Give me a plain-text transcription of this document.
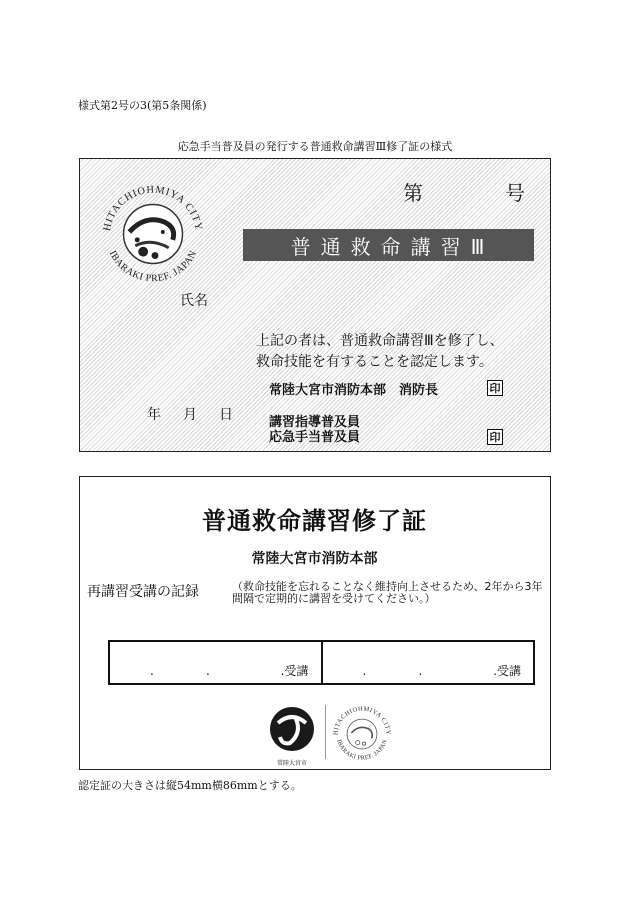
様式第2号の3(第5条関係)
応急手当普及員の発行する普通救命講習Ⅲ修了証の様式
HITACHIOHMIYA CITY
IBARAKI PREF. JAPAN
第	号
普通救命講習Ⅲ
氏名
上記の者は、普通救命講習Ⅲを修了し、
救命技能を有することを認定します。
常陸大宮市消防本部　消防長	印
年月日 講習指導普及員
応急手当普及員	印
普通救命講習修了証
常陸大宮市消防本部
再講習受講の記録	（救命技能を忘れることなく維持向上させるため、2年から3年間隔で定期的に講習を受けてください。）
.	.	.受講	.	.	.受講
常陸大宮市
HITACHIOHMIYA CITY
IBARAKI PREF. JAPAN
認定証の大きさは縦54mm横86mmとする。
